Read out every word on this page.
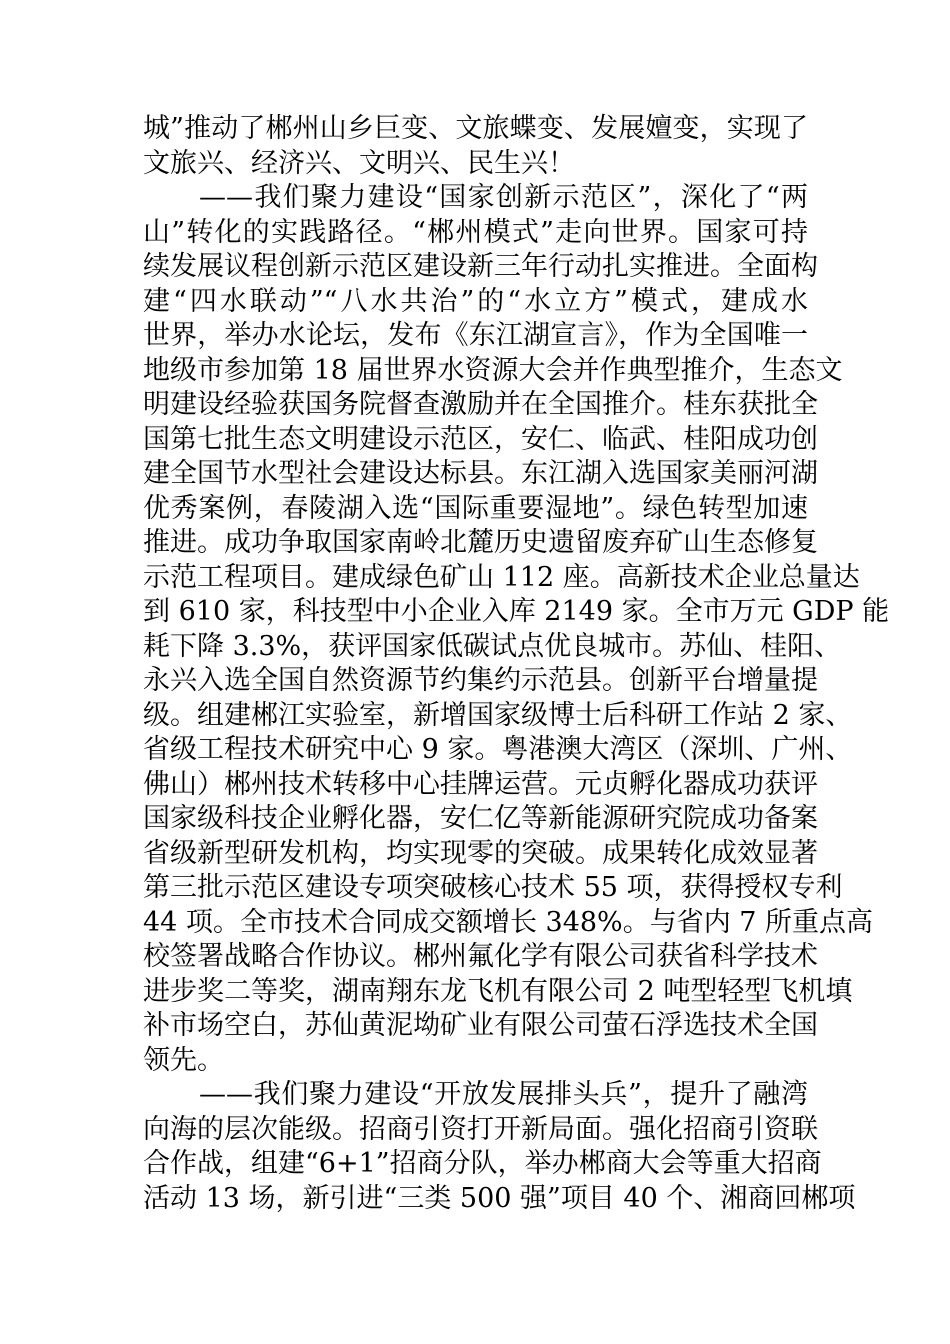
城”推动了郴州山乡巨变、文旅蝶变、发展嬗变，实现了
文旅兴、经济兴、文明兴、民生兴！
——我们聚力建设“国家创新示范区”，深化了“两
山”转化的实践路径。“郴州模式”走向世界。国家可持
续发展议程创新示范区建设新三年行动扎实推进。全面构
建“四水联动”“八水共治”的“水立方”模式，建成水
世界，举办水论坛，发布《东江湖宣言》，作为全国唯一
地级市参加第 18 届世界水资源大会并作典型推介，生态文
明建设经验获国务院督查激励并在全国推介。桂东获批全
国第七批生态文明建设示范区，安仁、临武、桂阳成功创
建全国节水型社会建设达标县。东江湖入选国家美丽河湖
优秀案例，春陵湖入选“国际重要湿地”。绿色转型加速
推进。成功争取国家南岭北麓历史遗留废弃矿山生态修复
示范工程项目。建成绿色矿山 112 座。高新技术企业总量达
到 610 家，科技型中小企业入库 2149 家。全市万元 GDP 能
耗下降 3.3%，获评国家低碳试点优良城市。苏仙、桂阳、
永兴入选全国自然资源节约集约示范县。创新平台增量提
级。组建郴江实验室，新增国家级博士后科研工作站 2 家、
省级工程技术研究中心 9 家。粤港澳大湾区（深圳、广州、
佛山）郴州技术转移中心挂牌运营。元贞孵化器成功获评
国家级科技企业孵化器，安仁亿等新能源研究院成功备案
省级新型研发机构，均实现零的突破。成果转化成效显著
第三批示范区建设专项突破核心技术 55 项，获得授权专利
44 项。全市技术合同成交额增长 348%。与省内 7 所重点高
校签署战略合作协议。郴州氟化学有限公司获省科学技术
进步奖二等奖，湖南翔东龙飞机有限公司 2 吨型轻型飞机填
补市场空白，苏仙黄泥坳矿业有限公司萤石浮选技术全国
领先。
——我们聚力建设“开放发展排头兵”，提升了融湾
向海的层次能级。招商引资打开新局面。强化招商引资联
合作战，组建“6+1”招商分队，举办郴商大会等重大招商
活动 13 场，新引进“三类 500 强”项目 40 个、湘商回郴项
